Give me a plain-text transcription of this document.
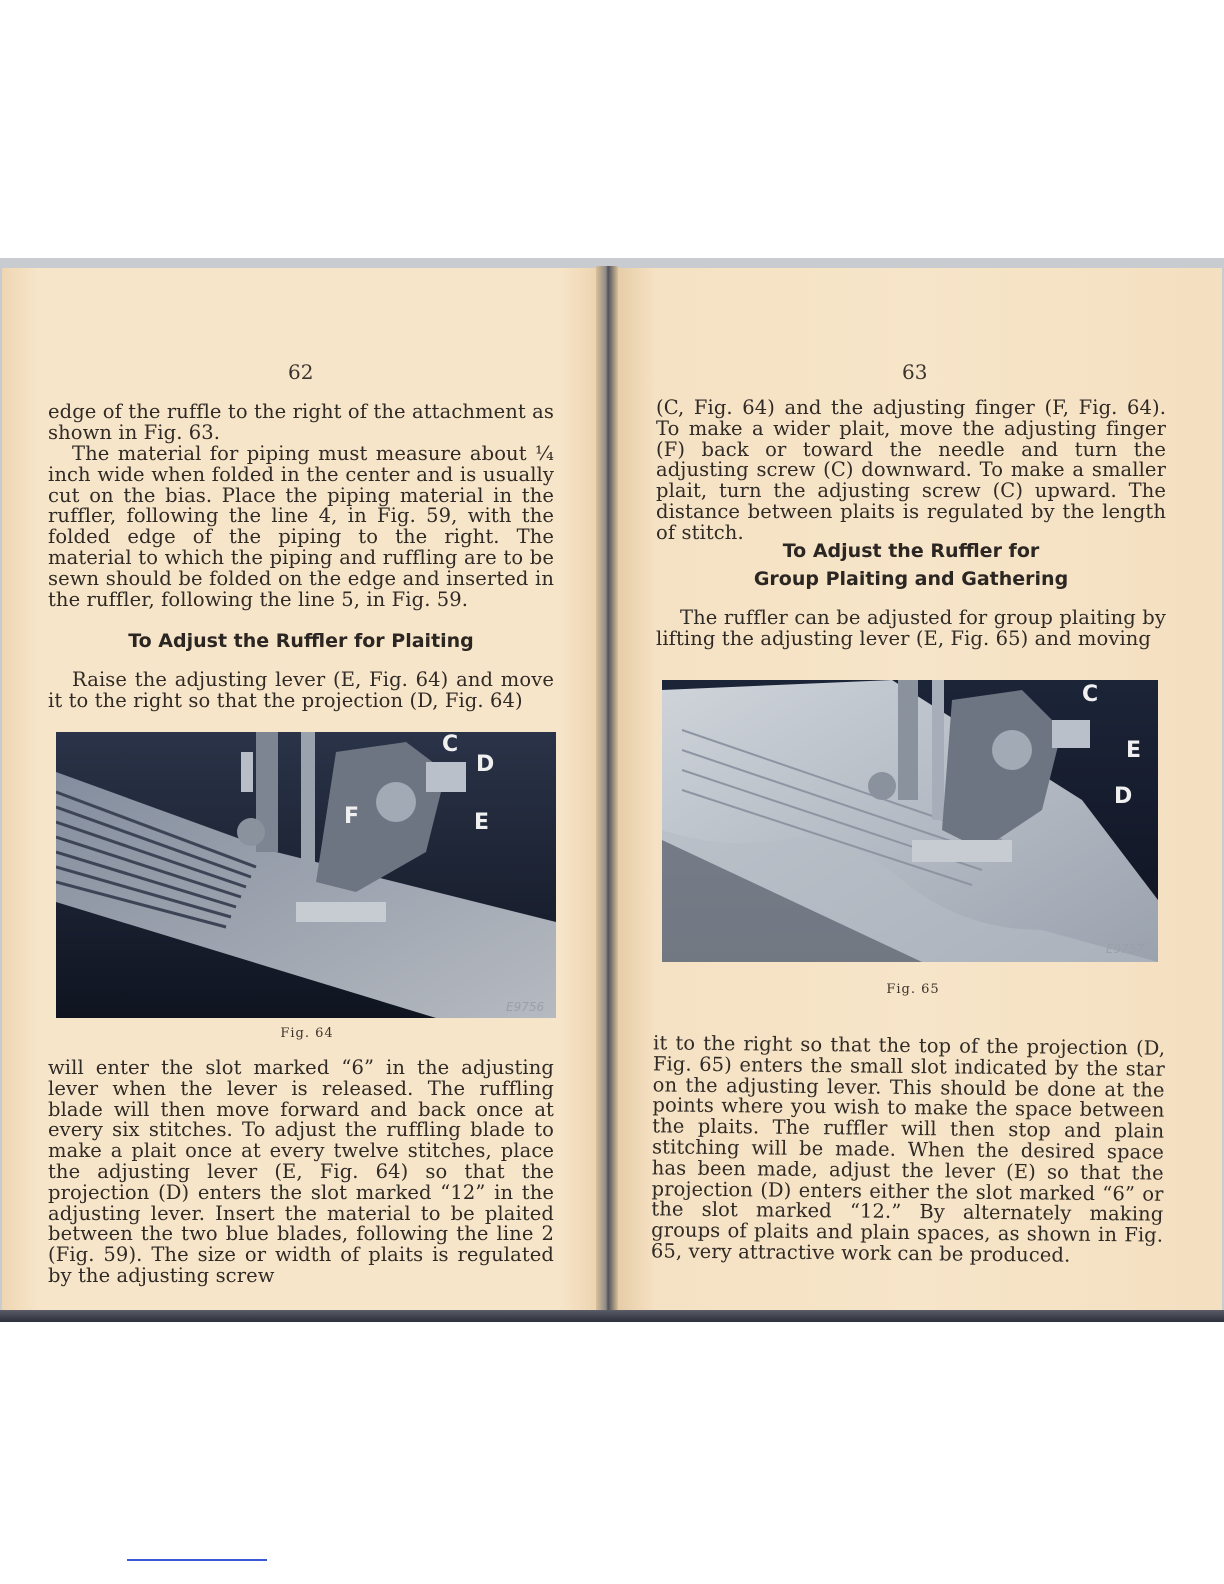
62
edge of the ruffle to the right of the attachment as shown in Fig. 63.
The material for piping must measure about ¼ inch wide when folded in the center and is usually cut on the bias. Place the piping material in the ruffler, following the line 4, in Fig. 59, with the folded edge of the piping to the right. The material to which the piping and ruffling are to be sewn should be folded on the edge and inserted in the ruffler, following the line 5, in Fig. 59.
To Adjust the Ruffler for Plaiting
Raise the adjusting lever (E, Fig. 64) and move it to the right so that the projection (D, Fig. 64)
C
D
F	E
E9756
Fig. 64
will enter the slot marked “6” in the adjusting lever when the lever is released. The ruffling blade will then move forward and back once at every six stitches. To adjust the ruffling blade to make a plait once at every twelve stitches, place the adjusting lever (E, Fig. 64) so that the projection (D) enters the slot marked “12” in the adjusting lever. Insert the material to be plaited between the two blue blades, following the line 2 (Fig. 59). The size or width of plaits is regulated by the adjusting screw
63
(C, Fig. 64) and the adjusting finger (F, Fig. 64). To make a wider plait, move the adjusting finger (F) back or toward the needle and turn the adjusting screw (C) downward. To make a smaller plait, turn the adjusting screw (C) upward. The distance between plaits is regulated by the length of stitch.
To Adjust the Ruffler for
Group Plaiting and Gathering
The ruffler can be adjusted for group plaiting by lifting the adjusting lever (E, Fig. 65) and moving
C
E
D
E9757
Fig. 65
it to the right so that the top of the projection (D, Fig. 65) enters the small slot indicated by the star on the adjusting lever. This should be done at the points where you wish to make the space between the plaits. The ruffler will then stop and plain stitching will be made. When the desired space has been made, adjust the lever (E) so that the projection (D) enters either the slot marked “6” or the slot marked “12.” By alternately making groups of plaits and plain spaces, as shown in Fig. 65, very attractive work can be produced.
